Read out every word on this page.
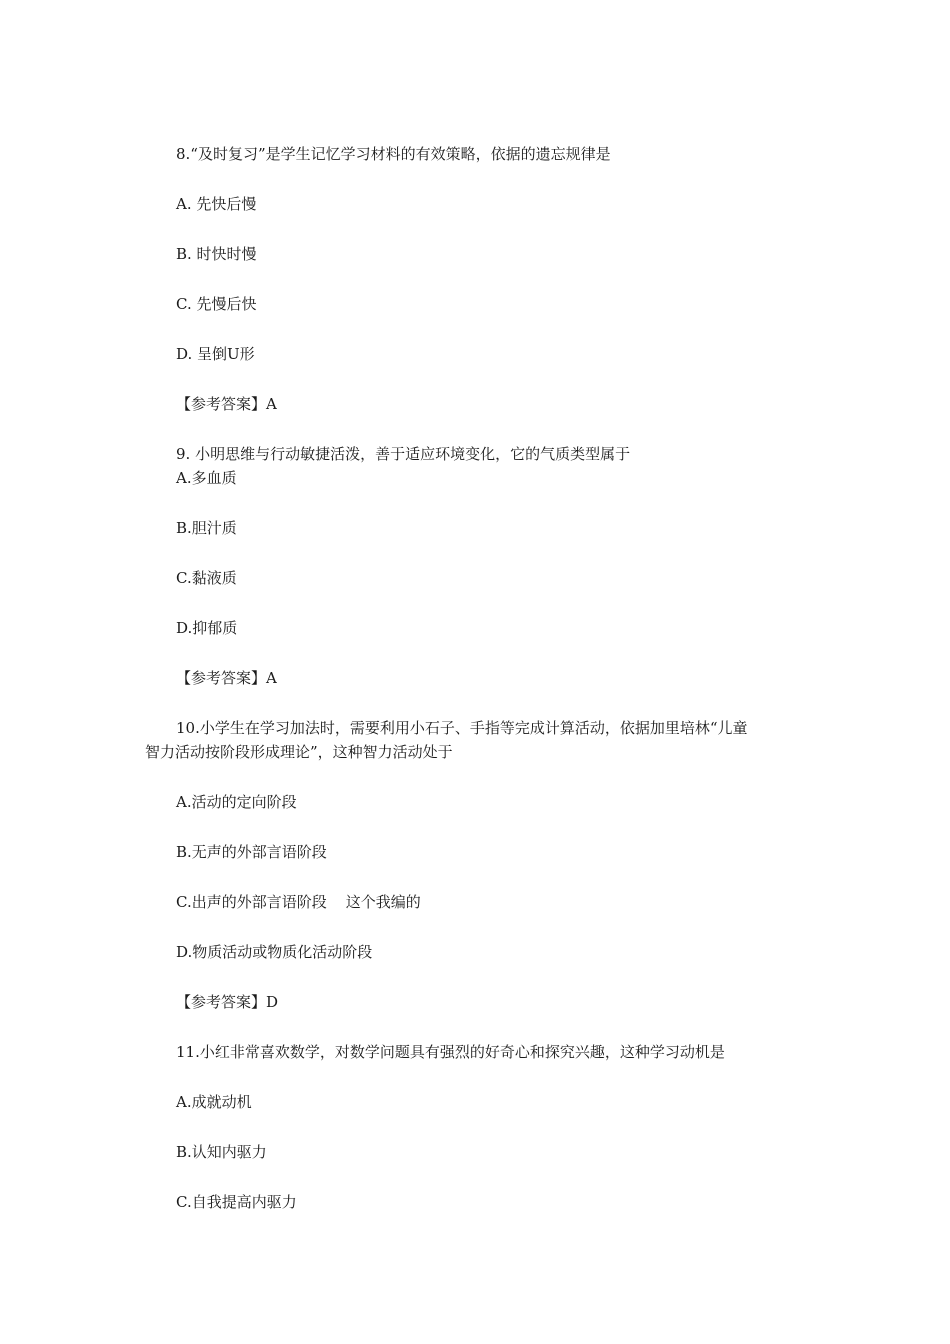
8.“及时复习”是学生记忆学习材料的有效策略，依据的遗忘规律是
A. 先快后慢
B. 时快时慢
C. 先慢后快
D. 呈倒U形
【参考答案】A
9. 小明思维与行动敏捷活泼，善于适应环境变化，它的气质类型属于
A.多血质
B.胆汁质
C.黏液质
D.抑郁质
【参考答案】A
10.小学生在学习加法时，需要利用小石子、手指等完成计算活动，依据加里培林“儿童
智力活动按阶段形成理论”，这种智力活动处于
A.活动的定向阶段
B.无声的外部言语阶段
C.出声的外部言语阶段    这个我编的
D.物质活动或物质化活动阶段
【参考答案】D
11.小红非常喜欢数学，对数学问题具有强烈的好奇心和探究兴趣，这种学习动机是
A.成就动机
B.认知内驱力
C.自我提高内驱力
